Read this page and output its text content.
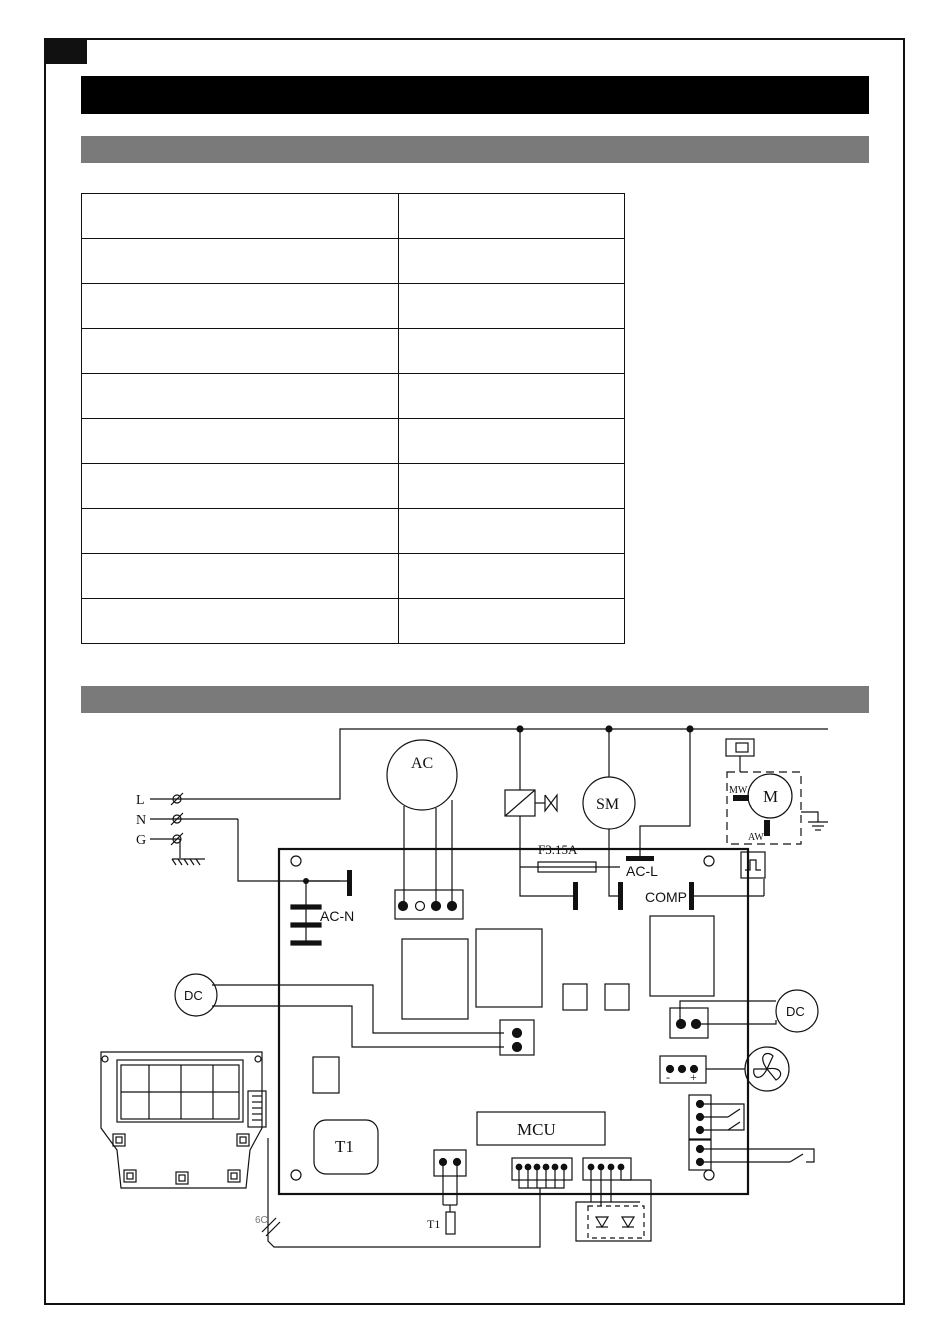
L
N
G
AC-N
AC
F3.15A
SM
AC-L
COMP
M
MW
AW
DC
DC
- +
MCU
T1
T1
6C
